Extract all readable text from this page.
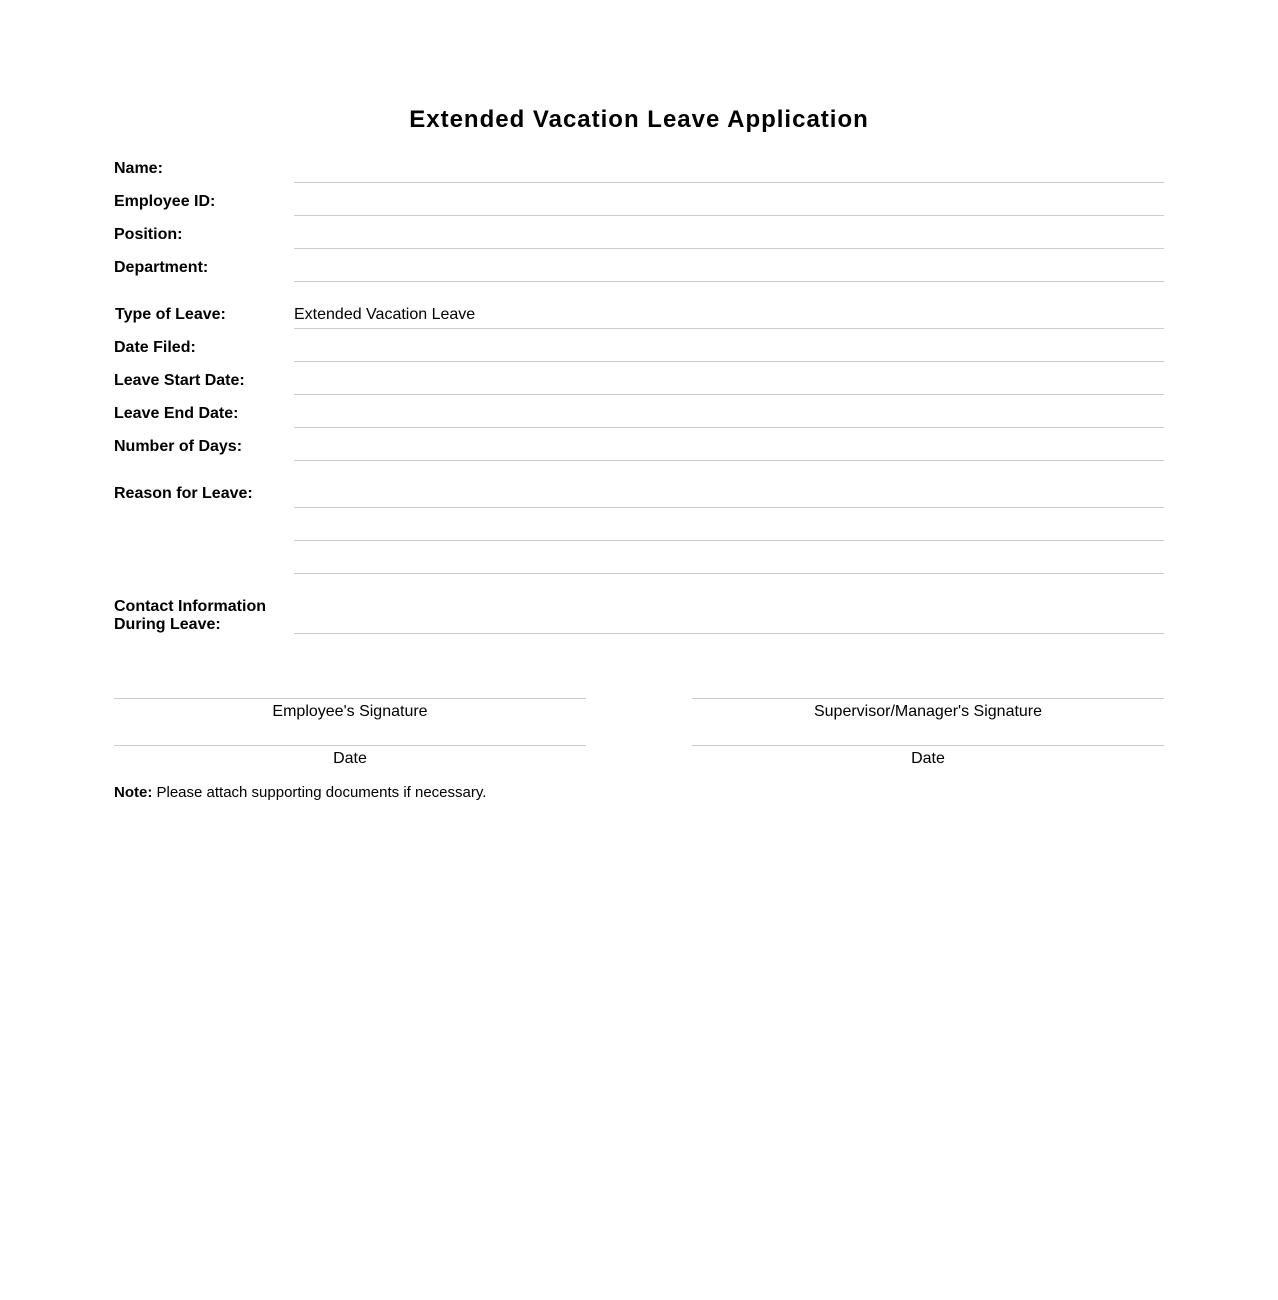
Extended Vacation Leave Application
Name:
Employee ID:
Position:
Department:
Type of Leave:	Extended Vacation Leave
Date Filed:
Leave Start Date:
Leave End Date:
Number of Days:
Reason for Leave:
Contact Information
During Leave:
Employee's Signature
Date
Supervisor/Manager's Signature
Date
Note: Please attach supporting documents if necessary.
